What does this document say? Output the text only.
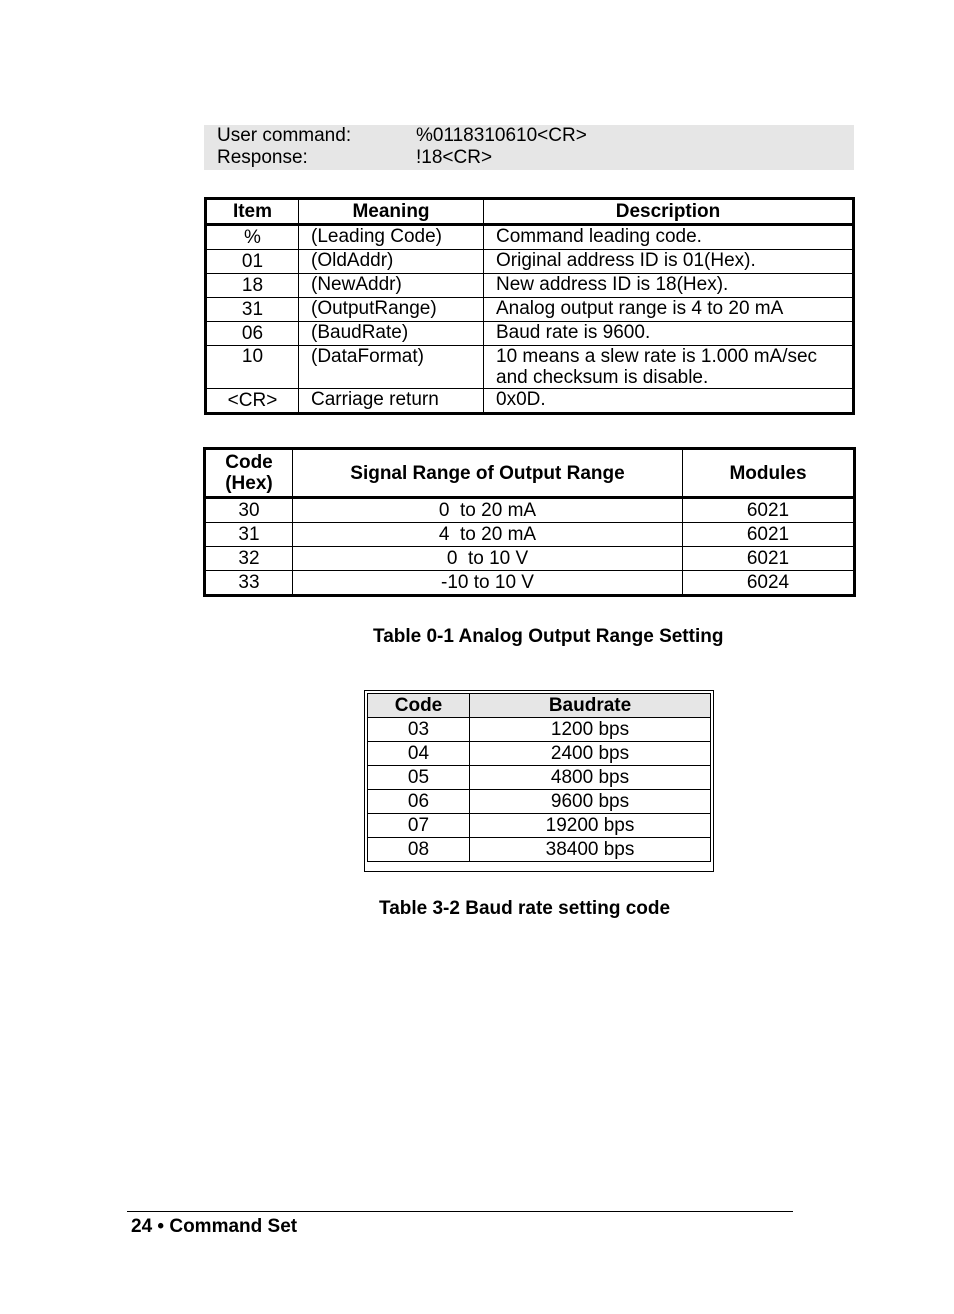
User command:	%0118310610<CR>
Response:	!18<CR>
Item	Meaning	Description
%	(Leading Code)	Command leading code.
01	(OldAddr)	Original address ID is 01(Hex).
18	(NewAddr)	New address ID is 18(Hex).
31	(OutputRange)	Analog output range is 4 to 20 mA
06	(BaudRate)	Baud rate is 9600.
10	(DataFormat)	10 means a slew rate is 1.000 mA/sec and checksum is disable.
<CR>	Carriage return	0x0D.
Code
(Hex)	Signal Range of Output Range	Modules
30	0  to 20 mA	6021
31	4  to 20 mA	6021
32	0  to 10 V	6021
33	-10 to 10 V	6024
Table 0-1 Analog Output Range Setting
Code	Baudrate
03	1200 bps
04	2400 bps
05	4800 bps
06	9600 bps
07	19200 bps
08	38400 bps
Table 3-2 Baud rate setting code
24 • Command Set
